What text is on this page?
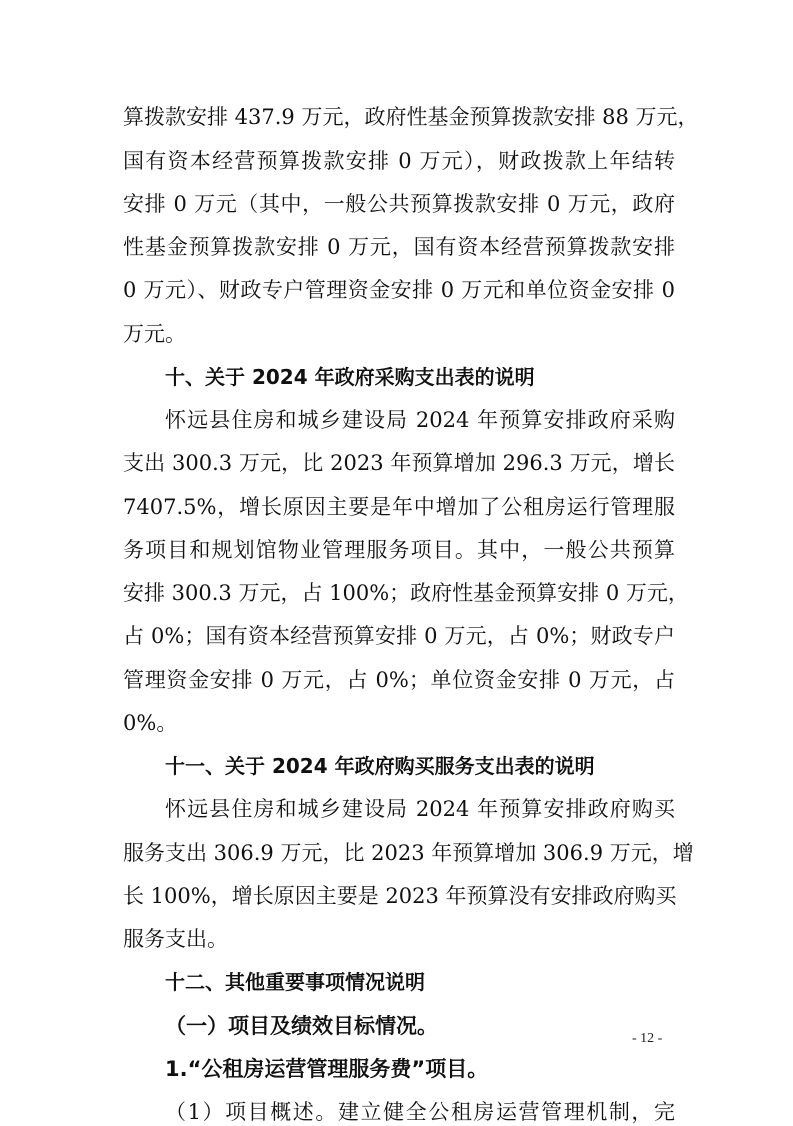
算拨款安排 437.9 万元，政府性基金预算拨款安排 88 万元，
国有资本经营预算拨款安排 0 万元），财政拨款上年结转
安排 0 万元（其中，一般公共预算拨款安排 0 万元，政府
性基金预算拨款安排 0 万元，国有资本经营预算拨款安排
0 万元）、财政专户管理资金安排 0 万元和单位资金安排 0
万元。
十、关于 2024 年政府采购支出表的说明
怀远县住房和城乡建设局 2024 年预算安排政府采购
支出 300.3 万元，比 2023 年预算增加 296.3 万元，增长
7407.5%，增长原因主要是年中增加了公租房运行管理服
务项目和规划馆物业管理服务项目。其中，一般公共预算
安排 300.3 万元，占 100%；政府性基金预算安排 0 万元，
占 0%；国有资本经营预算安排 0 万元，占 0%；财政专户
管理资金安排 0 万元，占 0%；单位资金安排 0 万元，占
0%。
十一、关于 2024 年政府购买服务支出表的说明
怀远县住房和城乡建设局 2024 年预算安排政府购买
服务支出 306.9 万元，比 2023 年预算增加 306.9 万元，增
长 100%，增长原因主要是 2023 年预算没有安排政府购买
服务支出。
十二、其他重要事项情况说明
（一）项目及绩效目标情况。
1.“公租房运营管理服务费”项目。
（1）项目概述。建立健全公租房运营管理机制，完
- 12 -
